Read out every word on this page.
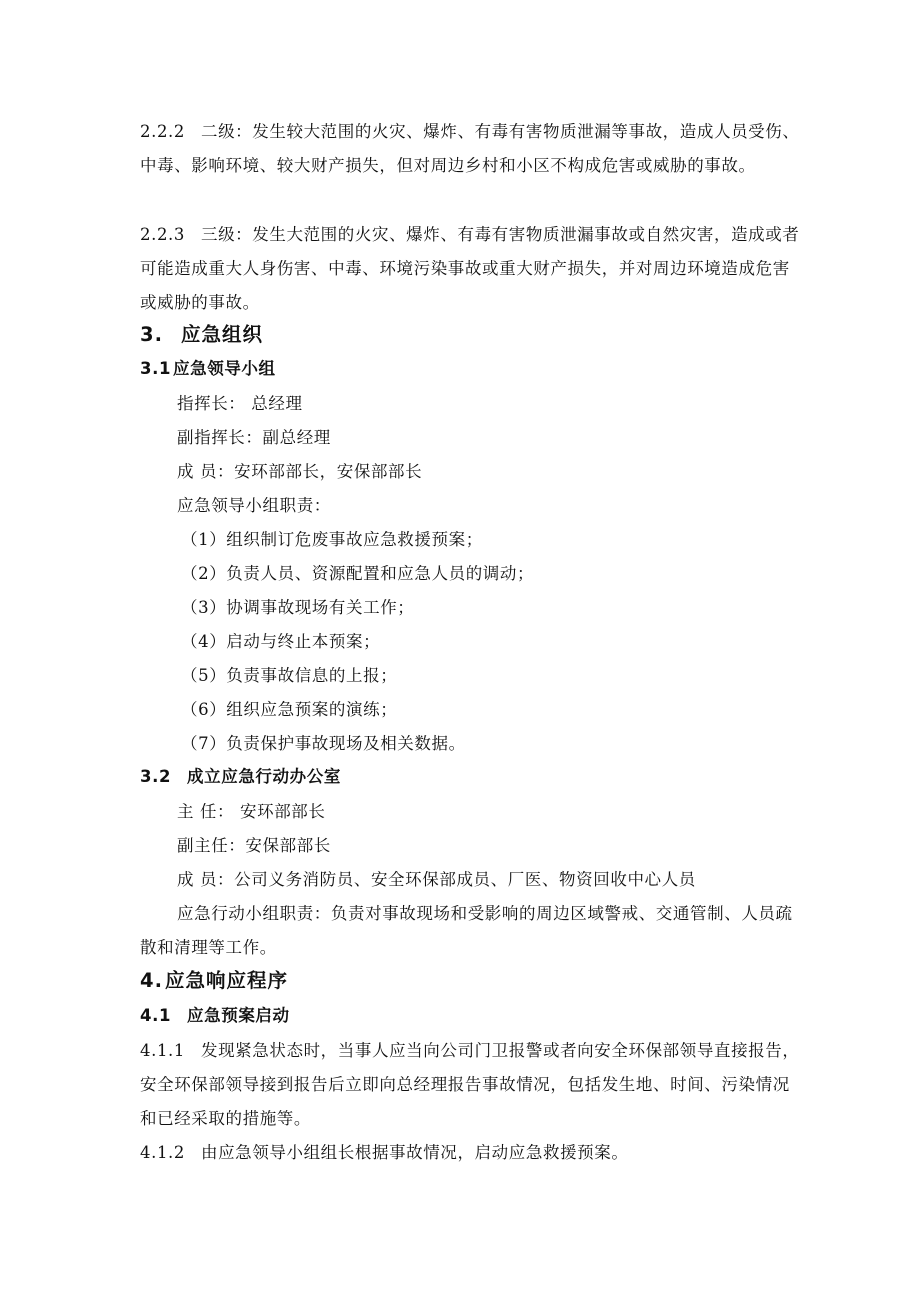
2.2.2 二级：发生较大范围的火灾、爆炸、有毒有害物质泄漏等事故，造成人员受伤、中毒、影响环境、较大财产损失，但对周边乡村和小区不构成危害或威胁的事故。
2.2.3 三级：发生大范围的火灾、爆炸、有毒有害物质泄漏事故或自然灾害，造成或者可能造成重大人身伤害、中毒、环境污染事故或重大财产损失，并对周边环境造成危害或威胁的事故。
3. 应急组织
3.1 应急领导小组
指挥长： 总经理
副指挥长：副总经理
成 员：安环部部长，安保部部长
应急领导小组职责：
（1）组织制订危废事故应急救援预案；
（2）负责人员、资源配置和应急人员的调动；
（3）协调事故现场有关工作；
（4）启动与终止本预案；
（5）负责事故信息的上报；
（6）组织应急预案的演练；
（7）负责保护事故现场及相关数据。
3.2 成立应急行动办公室
主 任： 安环部部长
副主任：安保部部长
成 员：公司义务消防员、安全环保部成员、厂医、物资回收中心人员
应急行动小组职责：负责对事故现场和受影响的周边区域警戒、交通管制、人员疏散和清理等工作。
4. 应急响应程序
4.1 应急预案启动
4.1.1 发现紧急状态时，当事人应当向公司门卫报警或者向安全环保部领导直接报告，安全环保部领导接到报告后立即向总经理报告事故情况，包括发生地、时间、污染情况和已经采取的措施等。
4.1.2 由应急领导小组组长根据事故情况，启动应急救援预案。
